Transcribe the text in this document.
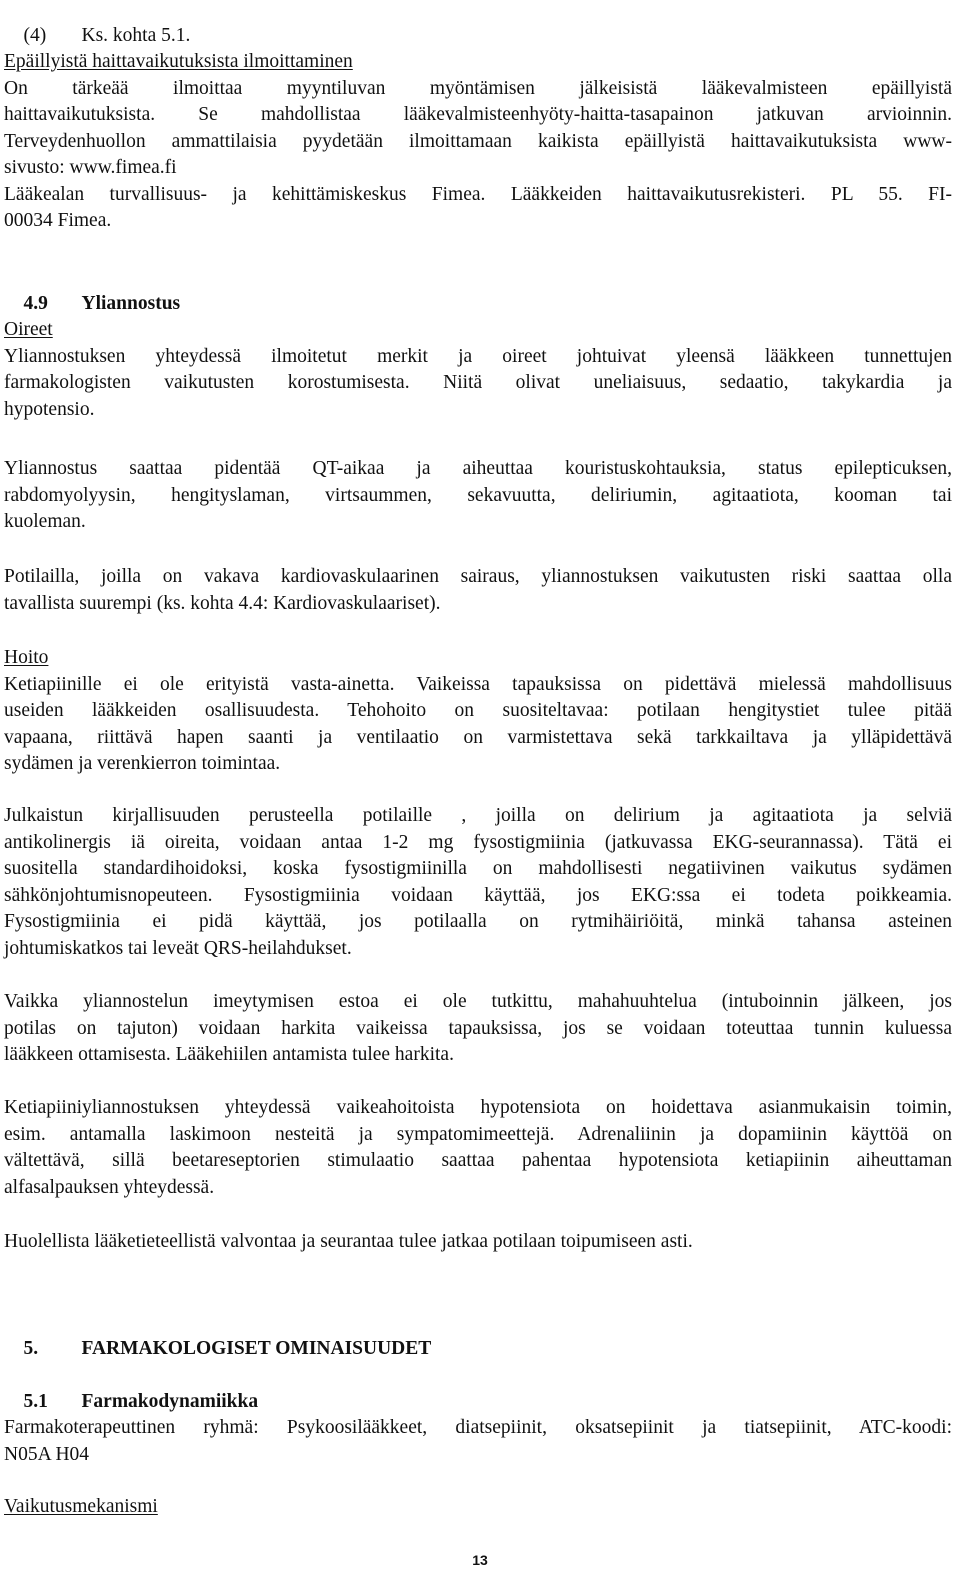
(4) Ks. kohta 5.1.

Epäillyistä haittavaikutuksista ilmoittaminen
On tärkeää ilmoittaa myyntiluvan myöntämisen jälkeisistä lääkevalmisteen epäillyistä
haittavaikutuksista. Se mahdollistaa lääkevalmisteenhyöty-haitta-tasapainon jatkuvan arvioinnin.
Terveydenhuollon ammattilaisia pyydetään ilmoittamaan kaikista epäillyistä haittavaikutuksista www-
sivusto: www.fimea.fi
Lääkealan turvallisuus- ja kehittämiskeskus Fimea. Lääkkeiden haittavaikutusrekisteri. PL 55. FI-
00034 Fimea.

4.9 Yliannostus

Oireet
Yliannostuksen yhteydessä ilmoitetut merkit ja oireet johtuivat yleensä lääkkeen tunnettujen
farmakologisten vaikutusten korostumisesta. Niitä olivat uneliaisuus, sedaatio, takykardia ja
hypotensio.
Yliannostus saattaa pidentää QT-aikaa ja aiheuttaa kouristuskohtauksia, status epilepticuksen,
rabdomyolyysin, hengityslaman, virtsaummen, sekavuutta, deliriumin, agitaatiota, kooman tai
kuoleman.
Potilailla, joilla on vakava kardiovaskulaarinen sairaus, yliannostuksen vaikutusten riski saattaa olla
tavallista suurempi (ks. kohta 4.4: Kardiovaskulaariset).
Hoito
Ketiapiinille ei ole erityistä vasta-ainetta. Vaikeissa tapauksissa on pidettävä mielessä mahdollisuus
useiden lääkkeiden osallisuudesta. Tehohoito on suositeltavaa: potilaan hengitystiet tulee pitää
vapaana, riittävä hapen saanti ja ventilaatio on varmistettava sekä tarkkailtava ja ylläpidettävä
sydämen ja verenkierron toimintaa.
Julkaistun kirjallisuuden perusteella potilaille , joilla on delirium ja agitaatiota ja selviä
antikolinergis iä oireita, voidaan antaa 1-2 mg fysostigmiinia (jatkuvassa EKG-seurannassa). Tätä ei
suositella standardihoidoksi, koska fysostigmiinilla on mahdollisesti negatiivinen vaikutus sydämen
sähkönjohtumisnopeuteen. Fysostigmiinia voidaan käyttää, jos EKG:ssa ei todeta poikkeamia.
Fysostigmiinia ei pidä käyttää, jos potilaalla on rytmihäiriöitä, minkä tahansa asteinen
johtumiskatkos tai leveät QRS-heilahdukset.
Vaikka yliannostelun imeytymisen estoa ei ole tutkittu, mahahuuhtelua (intuboinnin jälkeen, jos
potilas on tajuton) voidaan harkita vaikeissa tapauksissa, jos se voidaan toteuttaa tunnin kuluessa
lääkkeen ottamisesta. Lääkehiilen antamista tulee harkita.
Ketiapiiniyliannostuksen yhteydessä vaikeahoitoista hypotensiota on hoidettava asianmukaisin toimin,
esim. antamalla laskimoon nesteitä ja sympatomimeettejä. Adrenaliinin ja dopamiinin käyttöä on
vältettävä, sillä beetareseptorien stimulaatio saattaa pahentaa hypotensiota ketiapiinin aiheuttaman
alfasalpauksen yhteydessä.
Huolellista lääketieteellistä valvontaa ja seurantaa tulee jatkaa potilaan toipumiseen asti.

5. FARMAKOLOGISET OMINAISUUDET

5.1 Farmakodynamiikka

Farmakoterapeuttinen ryhmä: Psykoosilääkkeet, diatsepiinit, oksatsepiinit ja tiatsepiinit, ATC-koodi:
N05A H04
Vaikutusmekanismi
13
